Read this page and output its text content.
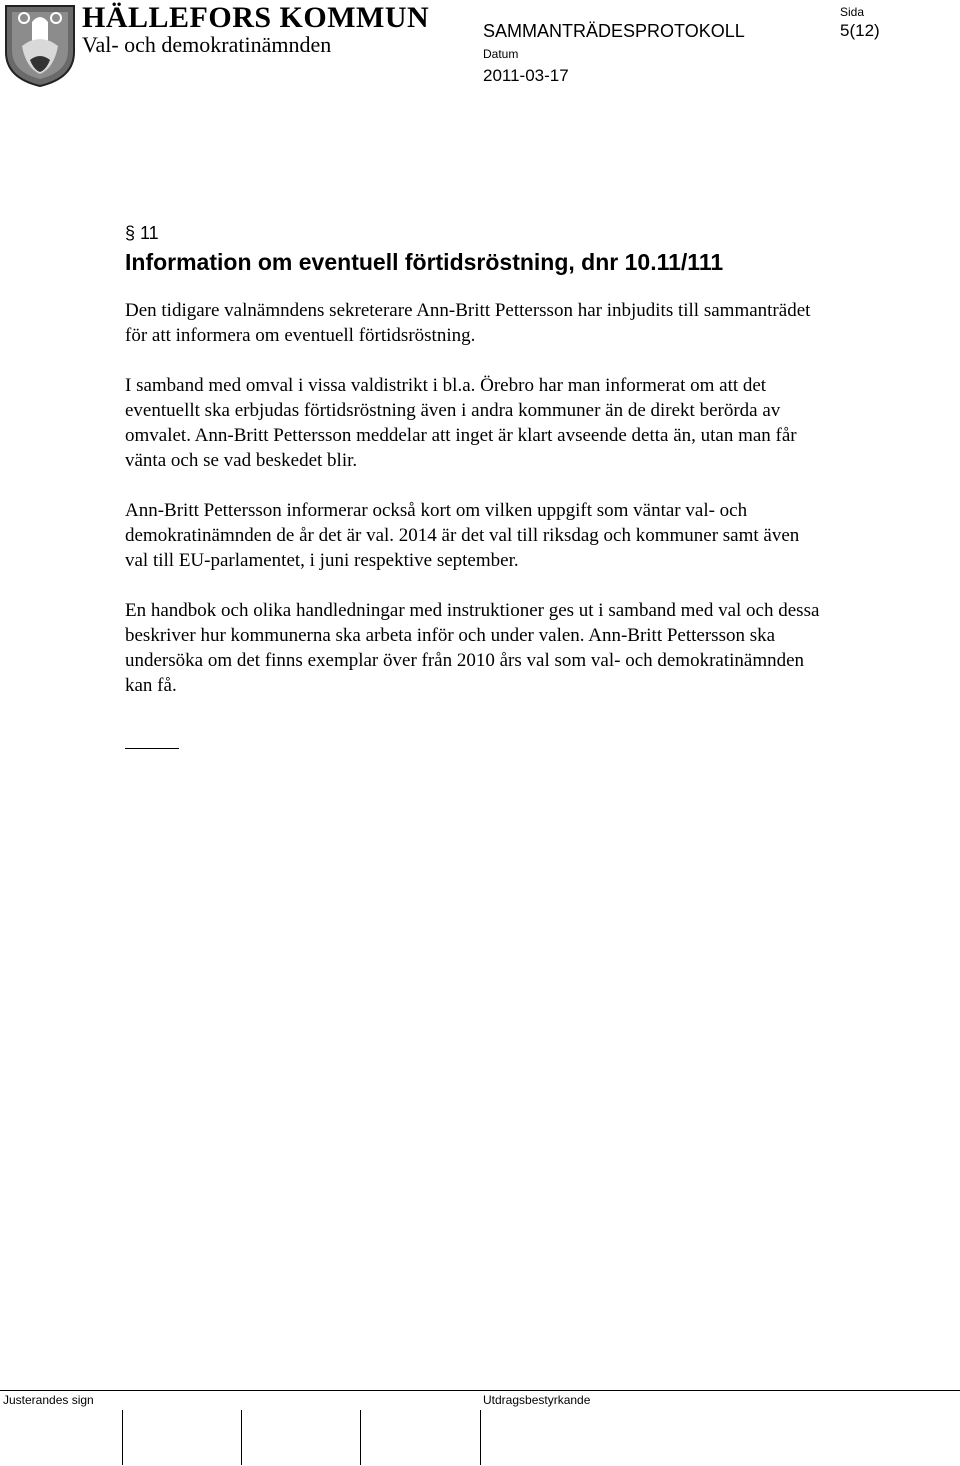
HÄLLEFORS KOMMUN
Val- och demokratinämnden
SAMMANTRÄDESPROTOKOLL
Datum
2011-03-17
Sida
5(12)

§ 11

Information om eventuell förtidsröstning, dnr 10.11/111

Den tidigare valnämndens sekreterare Ann-Britt Pettersson har inbjudits till sammanträdet för att informera om eventuell förtidsröstning.

I samband med omval i vissa valdistrikt i bl.a. Örebro har man informerat om att det eventuellt ska erbjudas förtidsröstning även i andra kommuner än de direkt berörda av omvalet. Ann-Britt Pettersson meddelar att inget är klart avseende detta än, utan man får vänta och se vad beskedet blir.

Ann-Britt Pettersson informerar också kort om vilken uppgift som väntar val- och demokratinämnden de år det är val. 2014 är det val till riksdag och kommuner samt även val till EU-parlamentet, i juni respektive september.

En handbok och olika handledningar med instruktioner ges ut i samband med val och dessa beskriver hur kommunerna ska arbeta inför och under valen. Ann-Britt Pettersson ska undersöka om det finns exemplar över från 2010 års val som val- och demokratinämnden kan få.

Justerandes sign	Utdragsbestyrkande
